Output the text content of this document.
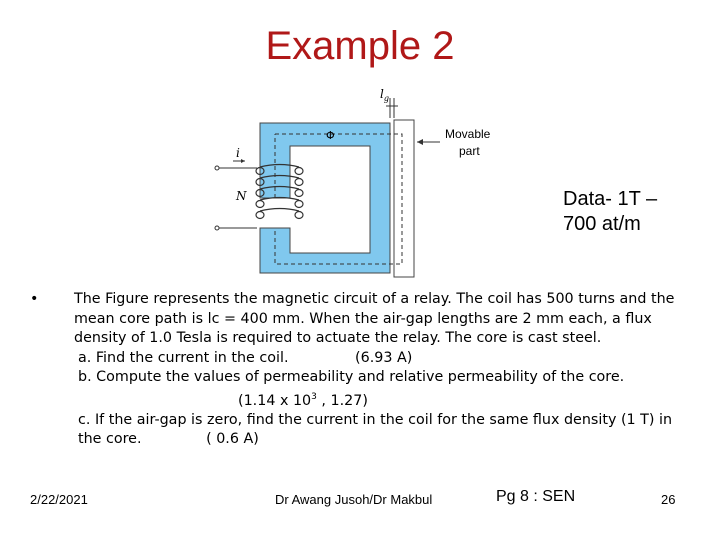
Example 2
$l_g$
Φ
i
N
Movable
part
Data- 1T –
700 at/m
• The Figure represents the magnetic circuit of a relay. The coil has 500 turns and the mean core path is lc = 400 mm. When the air-gap lengths are 2 mm each, a flux density of 1.0 Tesla is required to actuate the relay. The core is cast steel.
a. Find the current in the coil.	(6.93 A)
b. Compute the values of permeability and relative permeability of the core. (1.14 x $10^3$ , 1.27)
c. If the air-gap is zero, find the current in the coil for the same flux density (1 T) in the core.	( 0.6 A)
2/22/2021	Dr Awang Jusoh/Dr Makbul	Pg 8 : SEN	26
